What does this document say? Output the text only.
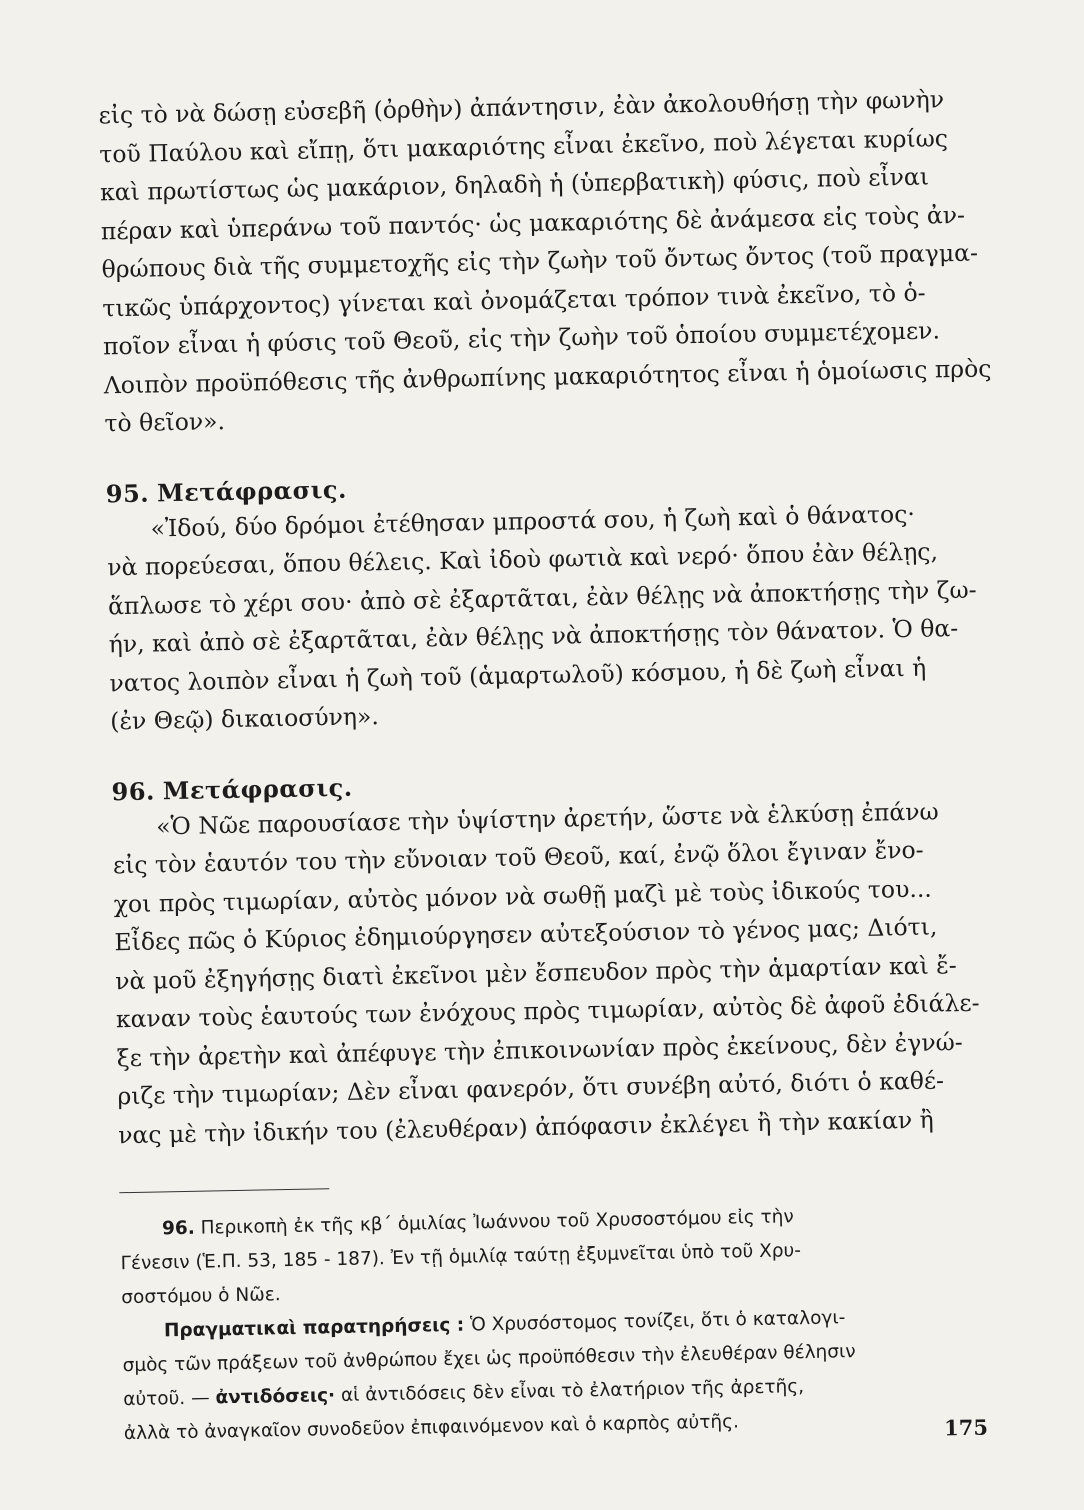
εἰς τὸ νὰ δώσῃ εὐσεβῆ (ὀρθὴν) ἀπάντησιν, ἐὰν ἀκολουθήσῃ τὴν φωνὴν
τοῦ Παύλου καὶ εἴπῃ, ὅτι μακαριότης εἶναι ἐκεῖνο, ποὺ λέγεται κυρίως
καὶ πρωτίστως ὡς μακάριον, δηλαδὴ ἡ (ὑπερβατικὴ) φύσις, ποὺ εἶναι
πέραν καὶ ὑπεράνω τοῦ παντός· ὡς μακαριότης δὲ ἀνάμεσα εἰς τοὺς ἀν-
θρώπους διὰ τῆς συμμετοχῆς εἰς τὴν ζωὴν τοῦ ὄντως ὄντος (τοῦ πραγμα-
τικῶς ὑπάρχοντος) γίνεται καὶ ὀνομάζεται τρόπον τινὰ ἐκεῖνο, τὸ ὁ-
ποῖον εἶναι ἡ φύσις τοῦ Θεοῦ, εἰς τὴν ζωὴν τοῦ ὁποίου συμμετέχομεν.
Λοιπὸν προϋπόθεσις τῆς ἀνθρωπίνης μακαριότητος εἶναι ἡ ὁμοίωσις πρὸς
τὸ θεῖον».
95. Μετάφρασις.
«Ἰδού, δύο δρόμοι ἐτέθησαν μπροστά σου, ἡ ζωὴ καὶ ὁ θάνατος·
νὰ πορεύεσαι, ὅπου θέλεις. Καὶ ἰδοὺ φωτιὰ καὶ νερό· ὅπου ἐὰν θέλῃς,
ἅπλωσε τὸ χέρι σου· ἀπὸ σὲ ἐξαρτᾶται, ἐὰν θέλῃς νὰ ἀποκτήσῃς τὴν ζω-
ήν, καὶ ἀπὸ σὲ ἐξαρτᾶται, ἐὰν θέλῃς νὰ ἀποκτήσῃς τὸν θάνατον. Ὁ θα-
νατος λοιπὸν εἶναι ἡ ζωὴ τοῦ (ἁμαρτωλοῦ) κόσμου, ἡ δὲ ζωὴ εἶναι ἡ
(ἐν Θεῷ) δικαιοσύνη».
96. Μετάφρασις.
«Ὁ Νῶε παρουσίασε τὴν ὑψίστην ἀρετήν, ὥστε νὰ ἑλκύσῃ ἐπάνω
εἰς τὸν ἑαυτόν του τὴν εὔνοιαν τοῦ Θεοῦ, καί, ἐνῷ ὅλοι ἔγιναν ἔνο-
χοι πρὸς τιμωρίαν, αὐτὸς μόνον νὰ σωθῇ μαζὶ μὲ τοὺς ἰδικούς του...
Εἶδες πῶς ὁ Κύριος ἐδημιούργησεν αὐτεξούσιον τὸ γένος μας; Διότι,
νὰ μοῦ ἐξηγήσῃς διατὶ ἐκεῖνοι μὲν ἔσπευδον πρὸς τὴν ἁμαρτίαν καὶ ἔ-
καναν τοὺς ἑαυτούς των ἐνόχους πρὸς τιμωρίαν, αὐτὸς δὲ ἀφοῦ ἐδιάλε-
ξε τὴν ἀρετὴν καὶ ἀπέφυγε τὴν ἐπικοινωνίαν πρὸς ἐκείνους, δὲν ἐγνώ-
ριζε τὴν τιμωρίαν; Δὲν εἶναι φανερόν, ὅτι συνέβη αὐτό, διότι ὁ καθέ-
νας μὲ τὴν ἰδικήν του (ἐλευθέραν) ἀπόφασιν ἐκλέγει ἢ τὴν κακίαν ἢ
96. Περικοπὴ ἐκ τῆς κβ΄ ὁμιλίας Ἰωάννου τοῦ Χρυσοστόμου εἰς τὴν
Γένεσιν (Ἑ.Π. 53, 185 - 187). Ἐν τῇ ὁμιλίᾳ ταύτῃ ἐξυμνεῖται ὑπὸ τοῦ Χρυ-
σοστόμου ὁ Νῶε.
Πραγματικαὶ παρατηρήσεις : Ὁ Χρυσόστομος τονίζει, ὅτι ὁ καταλογι-
σμὸς τῶν πράξεων τοῦ ἀνθρώπου ἔχει ὡς προϋπόθεσιν τὴν ἐλευθέραν θέλησιν
αὐτοῦ. — ἀντιδόσεις· αἱ ἀντιδόσεις δὲν εἶναι τὸ ἐλατήριον τῆς ἀρετῆς,
ἀλλὰ τὸ ἀναγκαῖον συνοδεῦον ἐπιφαινόμενον καὶ ὁ καρπὸς αὐτῆς.	175
